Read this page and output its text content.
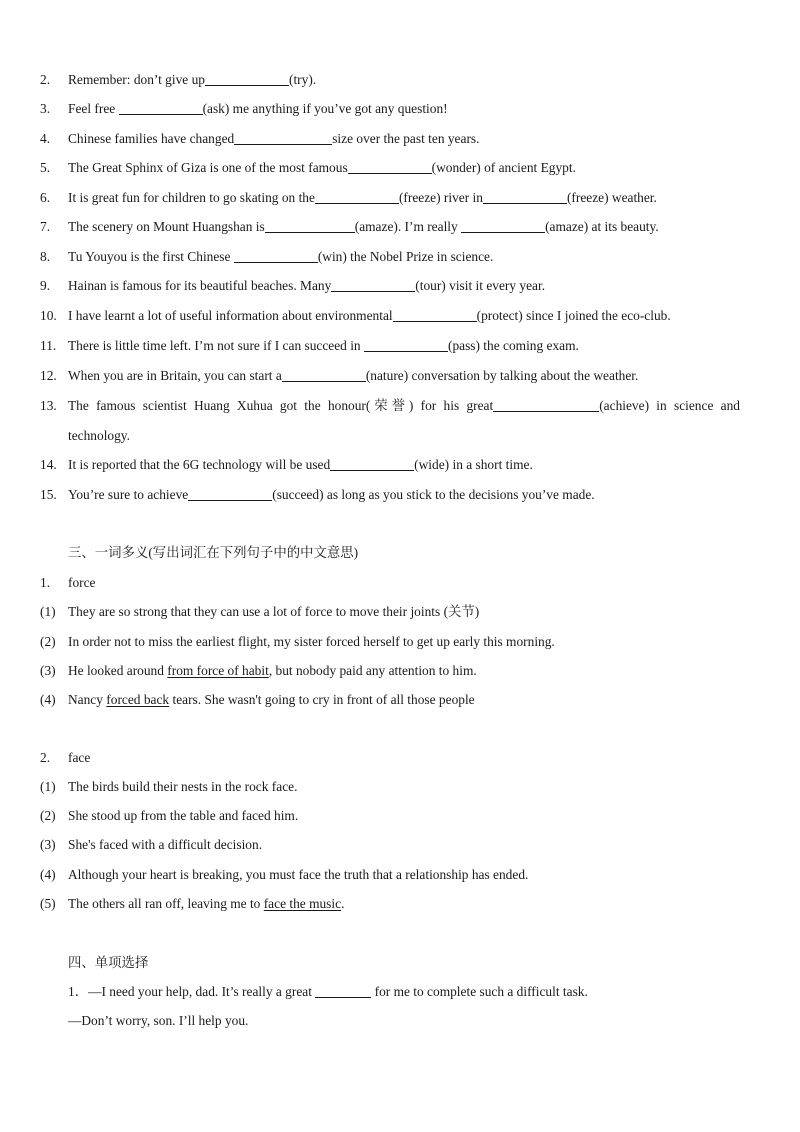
2.	Remember: don’t give up	(try).
3.	Feel free	(ask) me anything if you’ve got any question!
4.	Chinese families have changed	size over the past ten years.
5.	The Great Sphinx of Giza is one of the most famous	(wonder) of ancient Egypt.
6.	It is great fun for children to go skating on the	(freeze) river in	(freeze) weather.
7.	The scenery on Mount Huangshan is	(amaze). I’m really	(amaze) at its beauty.
8.	Tu Youyou is the first Chinese	(win) the Nobel Prize in science.
9.	Hainan is famous for its beautiful beaches. Many	(tour) visit it every year.
10. I have learnt a lot of useful information about environmental	(protect) since I joined the eco-club.
11. There is little time left. I’m not sure if I can succeed in	(pass) the coming exam.
12. When you are in Britain, you can start a	(nature) conversation by talking about the weather.
13. The famous scientist Huang Xuhua got the honour(荣誉) for his great	(achieve) in science and
technology.
14. It is reported that the 6G technology will be used	(wide) in a short time.
15. You’re sure to achieve	(succeed) as long as you stick to the decisions you’ve made.
三、一词多义(写出词汇在下列句子中的中文意思)
1.	force
(1) They are so strong that they can use a lot of force to move their joints (关节)
(2) In order not to miss the earliest flight, my sister forced herself to get up early this morning.
(3) He looked around from force of habit, but nobody paid any attention to him.
(4) Nancy forced back tears. She wasn't going to cry in front of all those people
2.	face
(1) The birds build their nests in the rock face.
(2) She stood up from the table and faced him.
(3) She's faced with a difficult decision.
(4) Although your heart is breaking, you must face the truth that a relationship has ended.
(5) The others all ran off, leaving me to face the music.
四、单项选择
1．—I need your help, dad. It’s really a great	for me to complete such a difficult task.
—Don’t worry, son. I’ll help you.
